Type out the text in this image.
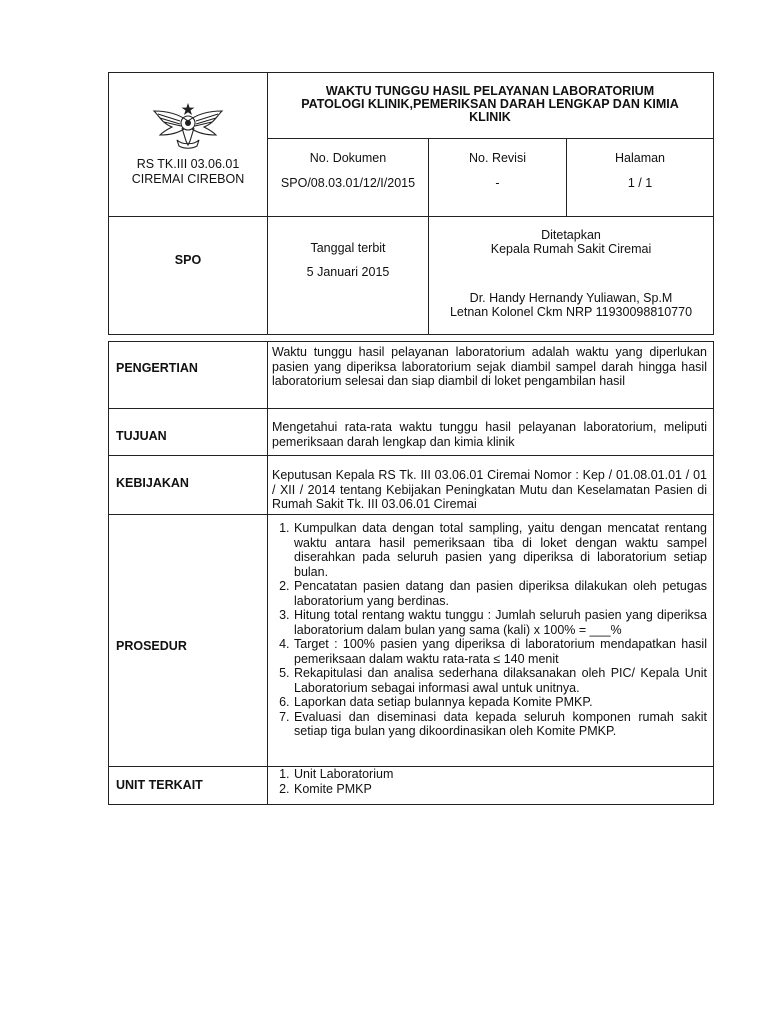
RS TK.III 03.06.01 CIREMAI CIREBON
WAKTU TUNGGU HASIL PELAYANAN LABORATORIUM PATOLOGI KLINIK,PEMERIKSAN DARAH LENGKAP DAN KIMIA KLINIK
No. Dokumen
SPO/08.03.01/12/I/2015
No. Revisi
-
Halaman
1 / 1
SPO
Tanggal terbit
5 Januari 2015
Ditetapkan
Kepala Rumah Sakit Ciremai
Dr. Handy Hernandy Yuliawan, Sp.M
Letnan Kolonel Ckm NRP 11930098810770
PENGERTIAN
Waktu tunggu hasil pelayanan laboratorium adalah waktu yang diperlukan pasien yang diperiksa laboratorium sejak diambil sampel darah hingga hasil laboratorium selesai dan siap diambil di loket pengambilan hasil
TUJUAN
Mengetahui rata-rata waktu tunggu hasil pelayanan laboratorium, meliputi pemeriksaan darah lengkap dan kimia klinik
KEBIJAKAN
Keputusan Kepala RS Tk. III 03.06.01 Ciremai Nomor : Kep / 01.08.01.01 / 01 / XII / 2014 tentang Kebijakan Peningkatan Mutu dan Keselamatan Pasien di Rumah Sakit Tk. III 03.06.01 Ciremai
PROSEDUR
1. Kumpulkan data dengan total sampling, yaitu dengan mencatat rentang waktu antara hasil pemeriksaan tiba di loket dengan waktu sampel diserahkan pada seluruh pasien yang diperiksa di laboratorium setiap bulan.
2. Pencatatan pasien datang dan pasien diperiksa dilakukan oleh petugas laboratorium yang berdinas.
3. Hitung total rentang waktu tunggu : Jumlah seluruh pasien yang diperiksa laboratorium dalam bulan yang sama (kali) x 100% = ___%
4. Target : 100% pasien yang diperiksa di laboratorium mendapatkan hasil pemeriksaan dalam waktu rata-rata ≤ 140 menit
5. Rekapitulasi dan analisa sederhana dilaksanakan oleh PIC/ Kepala Unit Laboratorium sebagai informasi awal untuk unitnya.
6. Laporkan data setiap bulannya kepada Komite PMKP.
7. Evaluasi dan diseminasi data kepada seluruh komponen rumah sakit setiap tiga bulan yang dikoordinasikan oleh Komite PMKP.
UNIT TERKAIT
1. Unit Laboratorium
2. Komite PMKP
